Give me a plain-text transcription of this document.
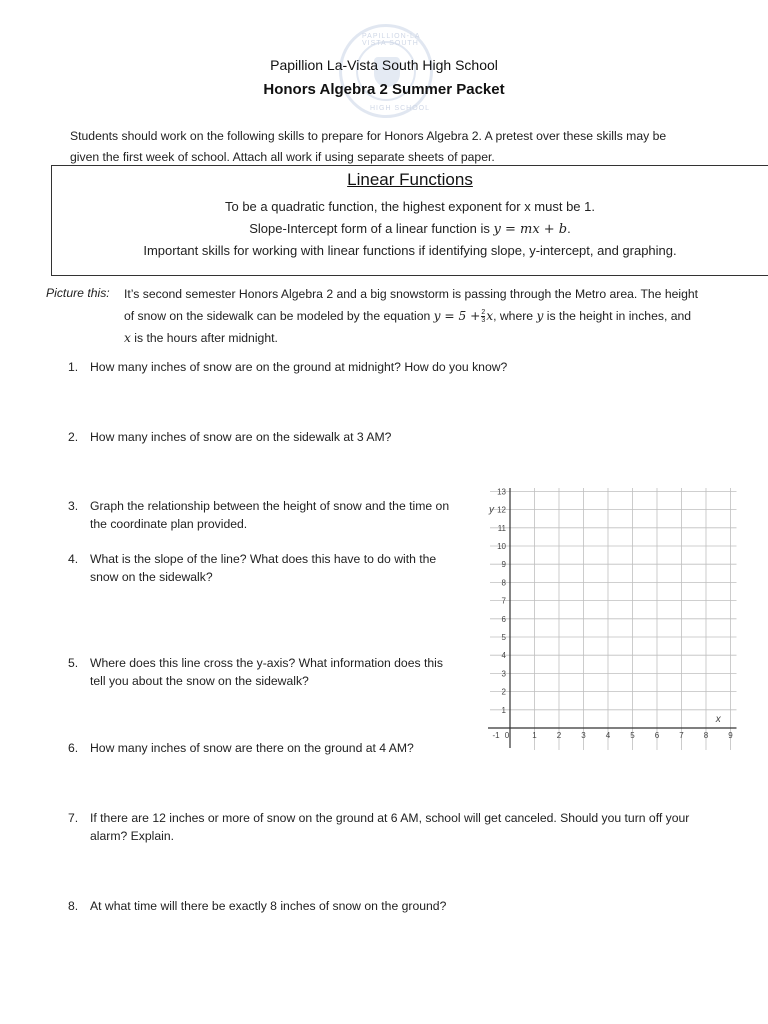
PAPILLION-LA VISTA SOUTH
HIGH SCHOOL
Papillion La-Vista South High School
Honors Algebra 2 Summer Packet
Students should work on the following skills to prepare for Honors Algebra 2. A pretest over these skills may be
given the first week of school. Attach all work if using separate sheets of paper.
Linear Functions
To be a quadratic function, the highest exponent for x must be 1.
Slope-Intercept form of a linear function is y = mx + b.
Important skills for working with linear functions if identifying slope, y-intercept, and graphing.
Picture this: It’s second semester Honors Algebra 2 and a big snowstorm is passing through the Metro area. The height
of snow on the sidewalk can be modeled by the equation $y = 5 + \frac{2}{3} x$, where y is the height in inches, and
x is the hours after midnight.
1. How many inches of snow are on the ground at midnight? How do you know?
2. How many inches of snow are on the sidewalk at 3 AM?
3. Graph the relationship between the height of snow and the time on
the coordinate plan provided.
4. What is the slope of the line? What does this have to do with the
snow on the sidewalk?
5. Where does this line cross the y-axis? What information does this
tell you about the snow on the sidewalk?
6. How many inches of snow are there on the ground at 4 AM?
7. If there are 12 inches or more of snow on the ground at 6 AM, school will get canceled. Should you turn off your
alarm? Explain.
8. At what time will there be exactly 8 inches of snow on the ground?
-1	1	2	3	4	5	6	7	8	9
0
1
2
3
4
5
6
7
8
9
10
11
12
13
y
x
